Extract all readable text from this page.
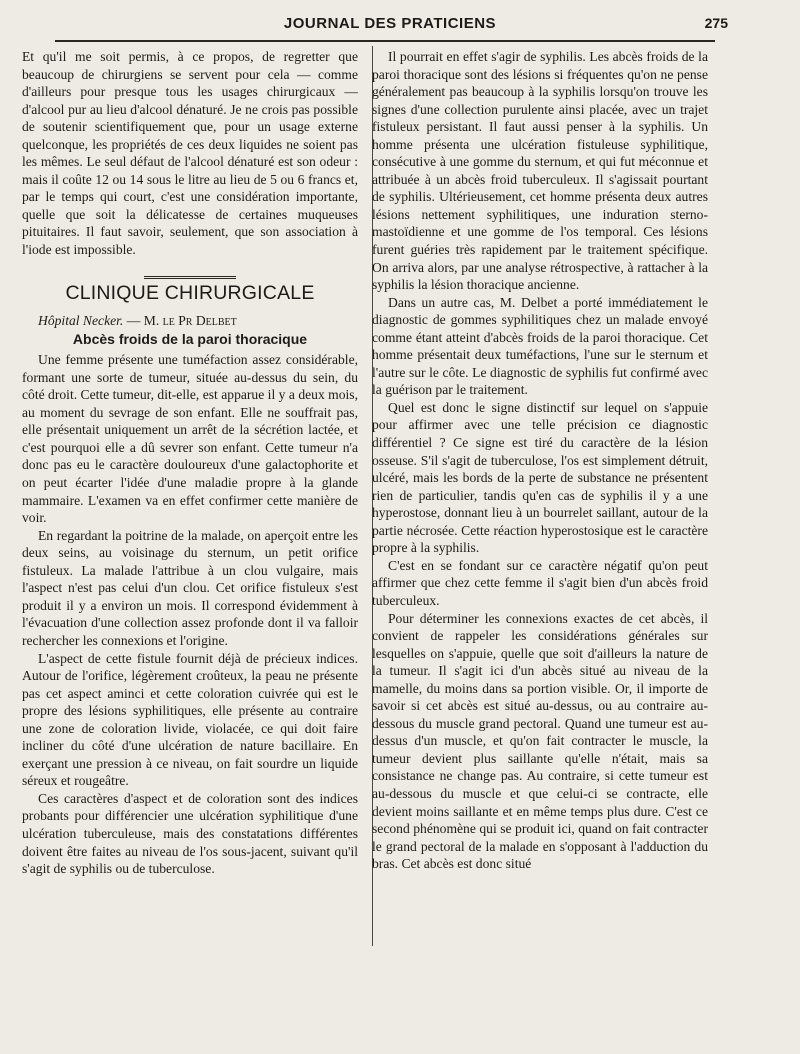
JOURNAL DES PRATICIENS	275

Et qu'il me soit permis, à ce propos, de regretter que beaucoup de chirurgiens se servent pour cela — comme d'ailleurs pour presque tous les usages chirurgicaux — d'alcool pur au lieu d'alcool dénaturé. Je ne crois pas possible de soutenir scientifiquement que, pour un usage externe quelconque, les propriétés de ces deux liquides ne soient pas les mêmes. Le seul défaut de l'alcool dénaturé est son odeur : mais il coûte 12 ou 14 sous le litre au lieu de 5 ou 6 francs et, par le temps qui court, c'est une considération importante, quelle que soit la délicatesse de certaines muqueuses pituitaires. Il faut savoir, seulement, que son association à l'iode est impossible.

CLINIQUE CHIRURGICALE

Hôpital Necker. — M. le Pr Delbet

Abcès froids de la paroi thoracique

Une femme présente une tuméfaction assez considérable, formant une sorte de tumeur, située au-dessus du sein, du côté droit. Cette tumeur, dit-elle, est apparue il y a deux mois, au moment du sevrage de son enfant. Elle ne souffrait pas, elle présentait uniquement un arrêt de la sécrétion lactée, et c'est pourquoi elle a dû sevrer son enfant. Cette tumeur n'a donc pas eu le caractère douloureux d'une galactophorite et on peut écarter l'idée d'une maladie propre à la glande mammaire. L'examen va en effet confirmer cette manière de voir.

En regardant la poitrine de la malade, on aperçoit entre les deux seins, au voisinage du sternum, un petit orifice fistuleux. La malade l'attribue à un clou vulgaire, mais l'aspect n'est pas celui d'un clou. Cet orifice fistuleux s'est produit il y a environ un mois. Il correspond évidemment à l'évacuation d'une collection assez profonde dont il va falloir rechercher les connexions et l'origine.

L'aspect de cette fistule fournit déjà de précieux indices. Autour de l'orifice, légèrement croûteux, la peau ne présente pas cet aspect aminci et cette coloration cuivrée qui est le propre des lésions syphilitiques, elle présente au contraire une zone de coloration livide, violacée, ce qui doit faire incliner du côté d'une ulcération de nature bacillaire. En exerçant une pression à ce niveau, on fait sourdre un liquide séreux et rougeâtre.

Ces caractères d'aspect et de coloration sont des indices probants pour différencier une ulcération syphilitique d'une ulcération tuberculeuse, mais des constatations différentes doivent être faites au niveau de l'os sous-jacent, suivant qu'il s'agit de syphilis ou de tuberculose.

Il pourrait en effet s'agir de syphilis. Les abcès froids de la paroi thoracique sont des lésions si fréquentes qu'on ne pense généralement pas beaucoup à la syphilis lorsqu'on trouve les signes d'une collection purulente ainsi placée, avec un trajet fistuleux persistant. Il faut aussi penser à la syphilis. Un homme présenta une ulcération fistuleuse syphilitique, consécutive à une gomme du sternum, et qui fut méconnue et attribuée à un abcès froid tuberculeux. Il s'agissait pourtant de syphilis. Ultérieusement, cet homme présenta deux autres lésions nettement syphilitiques, une induration sterno-mastoïdienne et une gomme de l'os temporal. Ces lésions furent guéries très rapidement par le traitement spécifique. On arriva alors, par une analyse rétrospective, à rattacher à la syphilis la lésion thoracique ancienne.

Dans un autre cas, M. Delbet a porté immédiatement le diagnostic de gommes syphilitiques chez un malade envoyé comme étant atteint d'abcès froids de la paroi thoracique. Cet homme présentait deux tuméfactions, l'une sur le sternum et l'autre sur le côte. Le diagnostic de syphilis fut confirmé avec la guérison par le traitement.

Quel est donc le signe distinctif sur lequel on s'appuie pour affirmer avec une telle précision ce diagnostic différentiel ? Ce signe est tiré du caractère de la lésion osseuse. S'il s'agit de tuberculose, l'os est simplement détruit, ulcéré, mais les bords de la perte de substance ne présentent rien de particulier, tandis qu'en cas de syphilis il y a une hyperostose, donnant lieu à un bourrelet saillant, autour de la partie nécrosée. Cette réaction hyperostosique est le caractère propre à la syphilis.

C'est en se fondant sur ce caractère négatif qu'on peut affirmer que chez cette femme il s'agit bien d'un abcès froid tuberculeux.

Pour déterminer les connexions exactes de cet abcès, il convient de rappeler les considérations générales sur lesquelles on s'appuie, quelle que soit d'ailleurs la nature de la tumeur. Il s'agit ici d'un abcès situé au niveau de la mamelle, du moins dans sa portion visible. Or, il importe de savoir si cet abcès est situé au-dessus, ou au contraire au-dessous du muscle grand pectoral. Quand une tumeur est au-dessus d'un muscle, et qu'on fait contracter le muscle, la tumeur devient plus saillante qu'elle n'était, mais sa consistance ne change pas. Au contraire, si cette tumeur est au-dessous du muscle et que celui-ci se contracte, elle devient moins saillante et en même temps plus dure. C'est ce second phénomène qui se produit ici, quand on fait contracter le grand pectoral de la malade en s'opposant à l'adduction du bras. Cet abcès est donc situé
